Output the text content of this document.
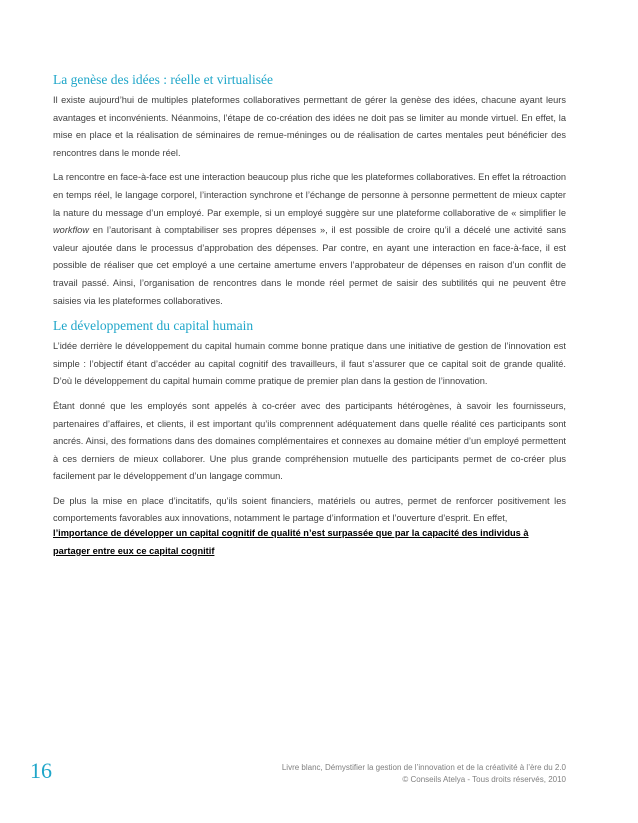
La genèse des idées : réelle et virtualisée

Il existe aujourd’hui de multiples plateformes collaboratives permettant de gérer la genèse des idées, chacune ayant leurs avantages et inconvénients. Néanmoins, l’étape de co-création des idées ne doit pas se limiter au monde virtuel. En effet, la mise en place et la réalisation de séminaires de remue-méninges ou de réalisation de cartes mentales peut bénéficier des rencontres dans le monde réel.

La rencontre en face-à-face est une interaction beaucoup plus riche que les plateformes collaboratives. En effet la rétroaction en temps réel, le langage corporel, l’interaction synchrone et l’échange de personne à personne permettent de mieux capter la nature du message d’un employé. Par exemple, si un employé suggère sur une plateforme collaborative de « simplifier le workflow en l’autorisant à comptabiliser ses propres dépenses », il est possible de croire qu’il a décelé une activité sans valeur ajoutée dans le processus d’approbation des dépenses. Par contre, en ayant une interaction en face-à-face, il est possible de réaliser que cet employé a une certaine amertume envers l’approbateur de dépenses en raison d’un conflit de travail passé. Ainsi, l’organisation de rencontres dans le monde réel permet de saisir des subtilités qui ne peuvent être saisies via les plateformes collaboratives.

Le développement du capital humain

L’idée derrière le développement du capital humain comme bonne pratique dans une initiative de gestion de l’innovation est simple : l’objectif étant d’accéder au capital cognitif des travailleurs, il faut s’assurer que ce capital soit de grande qualité. D’où le développement du capital humain comme pratique de premier plan dans la gestion de l’innovation.

Étant donné que les employés sont appelés à co-créer avec des participants hétérogènes, à savoir les fournisseurs, partenaires d’affaires, et clients, il est important qu’ils comprennent adéquatement dans quelle réalité ces participants sont ancrés. Ainsi, des formations dans des domaines complémentaires et connexes au domaine métier d’un employé permettent à ces derniers de mieux collaborer. Une plus grande compréhension mutuelle des participants permet de co-créer plus facilement par le développement d’un langage commun.

De plus la mise en place d’incitatifs, qu’ils soient financiers, matériels ou autres, permet de renforcer positivement les comportements favorables aux innovations, notamment le partage d’information et l’ouverture d’esprit. En effet,

l’importance de développer un capital cognitif de qualité n’est surpassée que par la capacité des individus à partager entre eux ce capital cognitif

16	Livre blanc, Démystifier la gestion de l’innovation et de la créativité à l’ère du 2.0
© Conseils Atelya - Tous droits réservés, 2010
